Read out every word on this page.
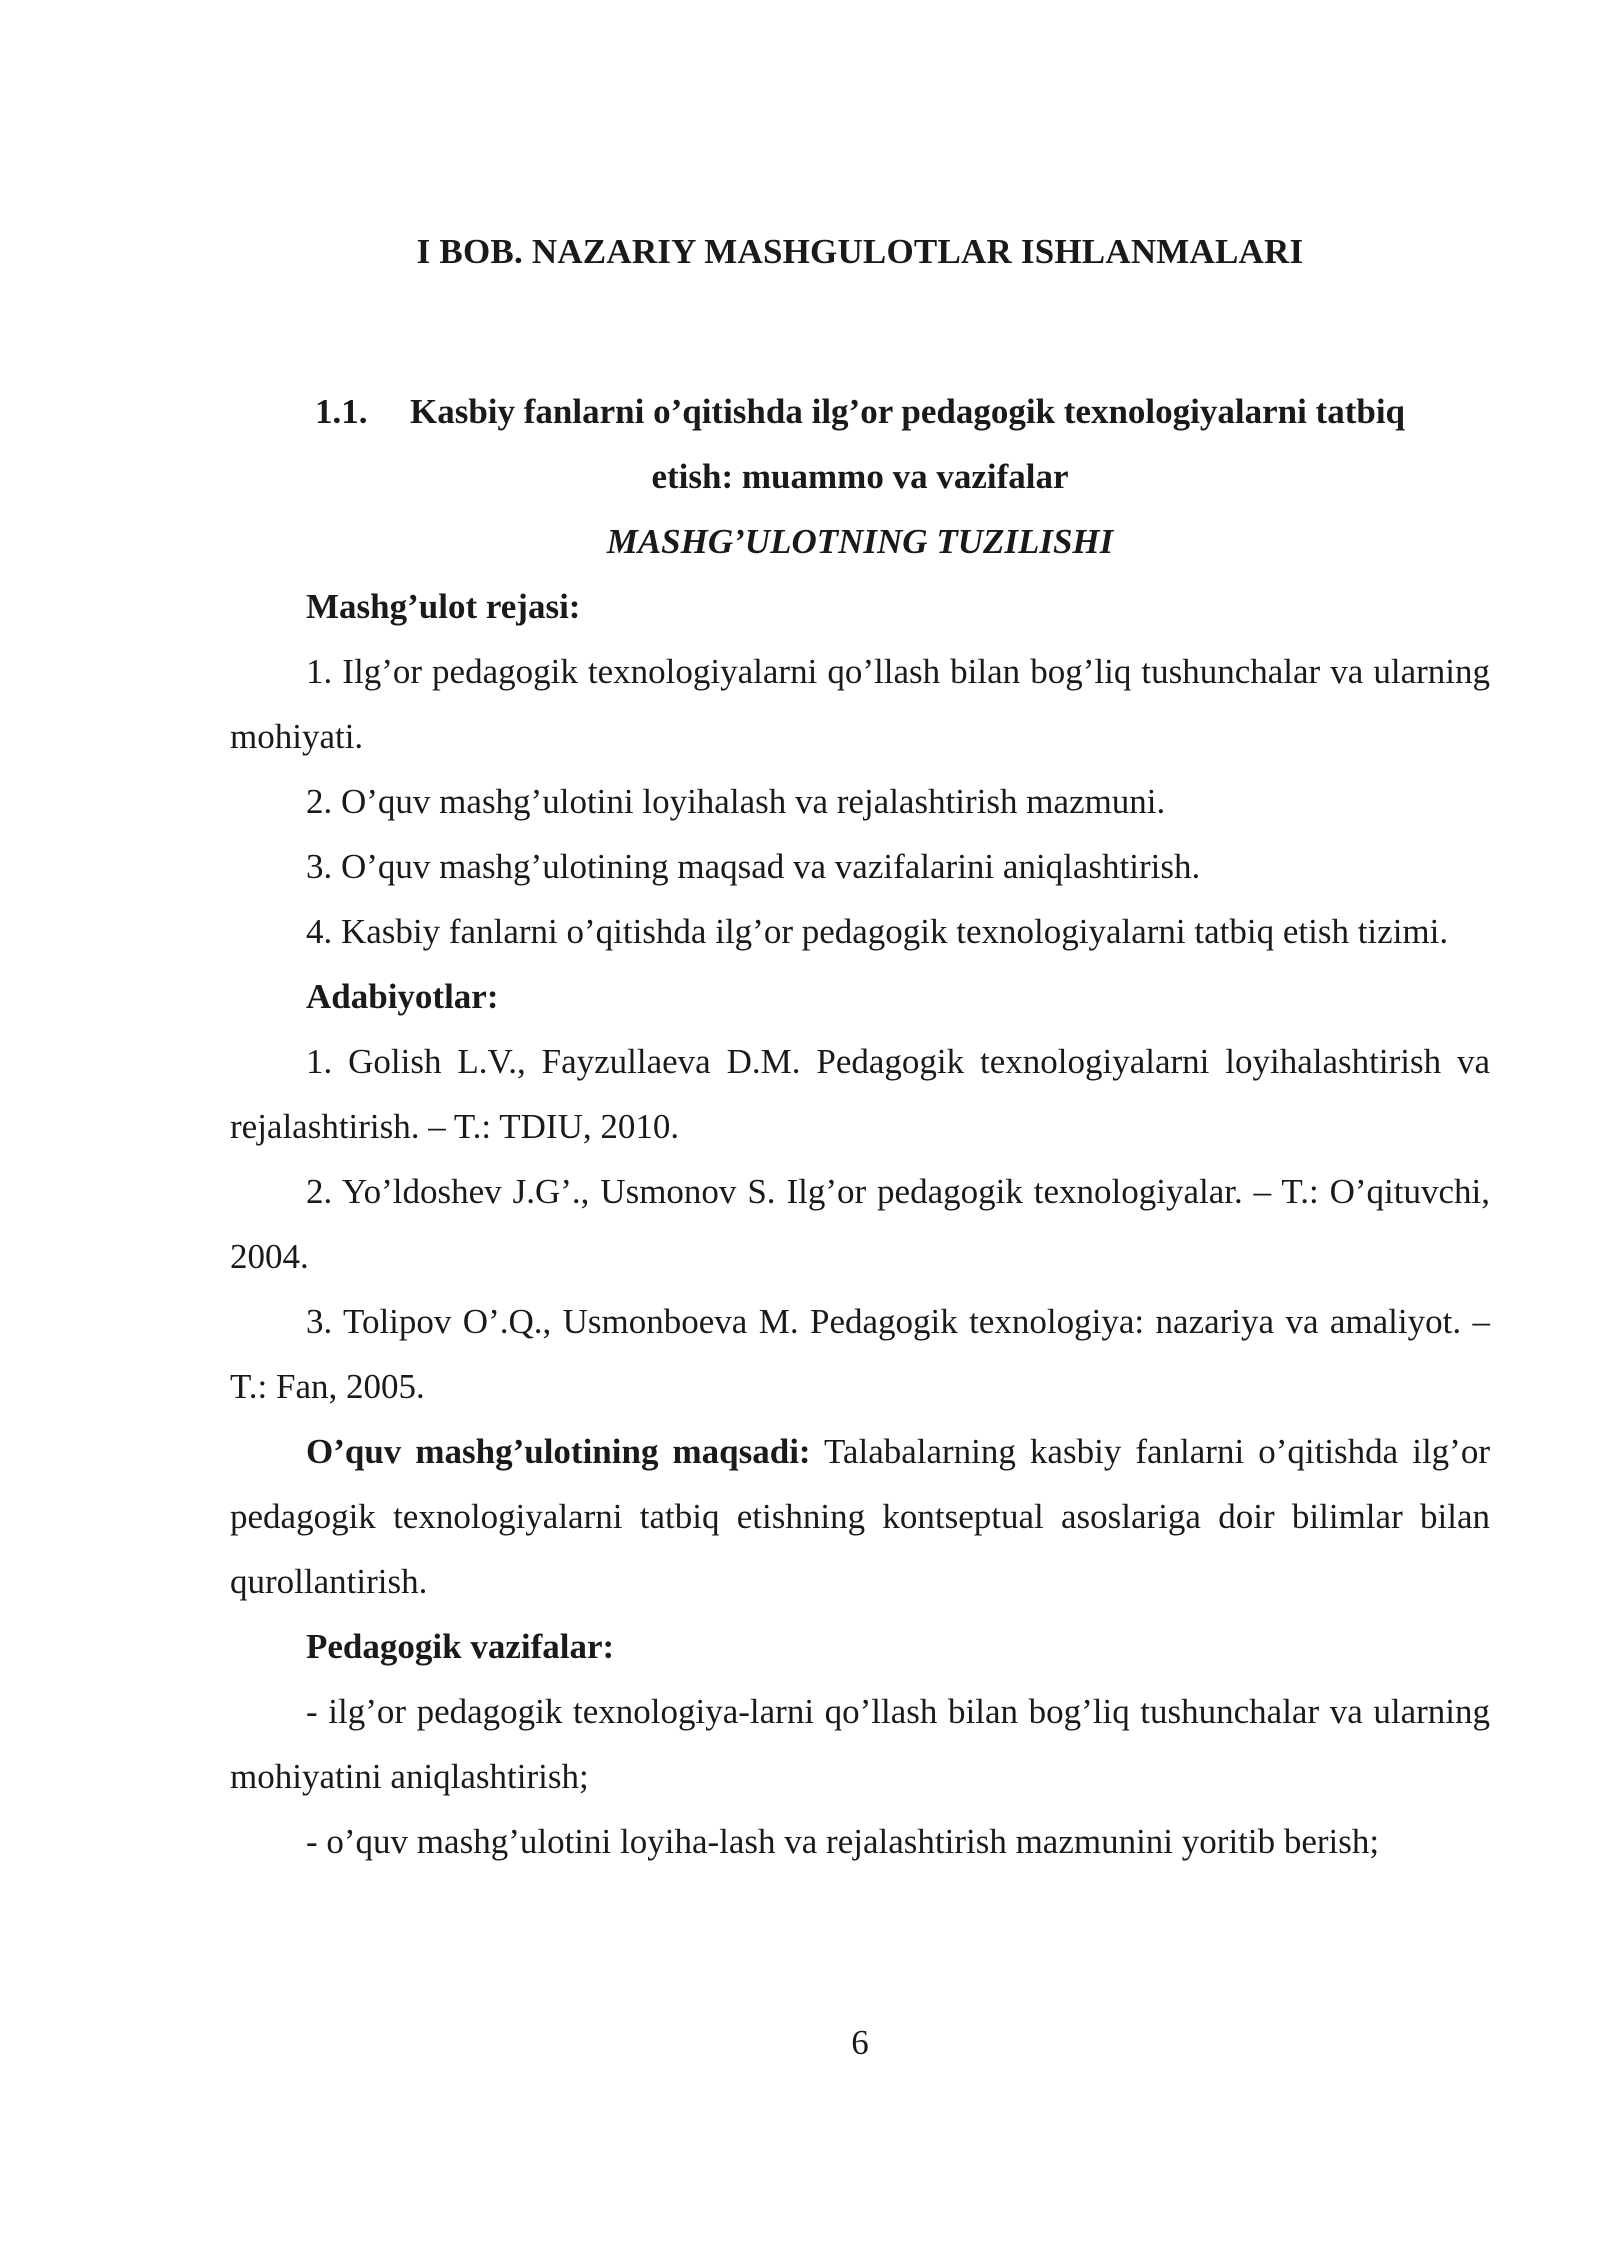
I BOB. NAZARIY MASHGULOTLAR ISHLANMALARI

1.1. Kasbiy fanlarni o’qitishda ilg’or pedagogik texnologiyalarni tatbiq

etish: muammo va vazifalar

MASHG’ULOTNING TUZILISHI

Mashg’ulot rejasi:

1. Ilg’or pedagogik texnologiyalarni qo’llash bilan bog’liq tushunchalar va ularning mohiyati.

2. O’quv mashg’ulotini loyihalash va rejalashtirish mazmuni.

3. O’quv mashg’ulotining maqsad va vazifalarini aniqlashtirish.

4. Kasbiy fanlarni o’qitishda ilg’or pedagogik texnologiyalarni tatbiq etish tizimi.

Adabiyotlar:

1. Golish L.V., Fayzullaeva D.M. Pedagogik texnologiyalarni loyihalashtirish va rejalashtirish. – T.: TDIU, 2010.

2. Yo’ldoshev J.G’., Usmonov S. Ilg’or pedagogik texnologiyalar. – T.: O’qituvchi, 2004.

3. Tolipov O’.Q., Usmonboeva M. Pedagogik texnologiya: nazariya va amaliyot. – T.: Fan, 2005.

O’quv mashg’ulotining maqsadi: Talabalarning kasbiy fanlarni o’qitishda ilg’or pedagogik texnologiyalarni tatbiq etishning kontseptual asoslariga doir bilimlar bilan qurollantirish.

Pedagogik vazifalar:

- ilg’or pedagogik texnologiya-larni qo’llash bilan bog’liq tushunchalar va ularning mohiyatini aniqlashtirish;

- o’quv mashg’ulotini loyiha-lash va rejalashtirish mazmunini yoritib berish;

6
